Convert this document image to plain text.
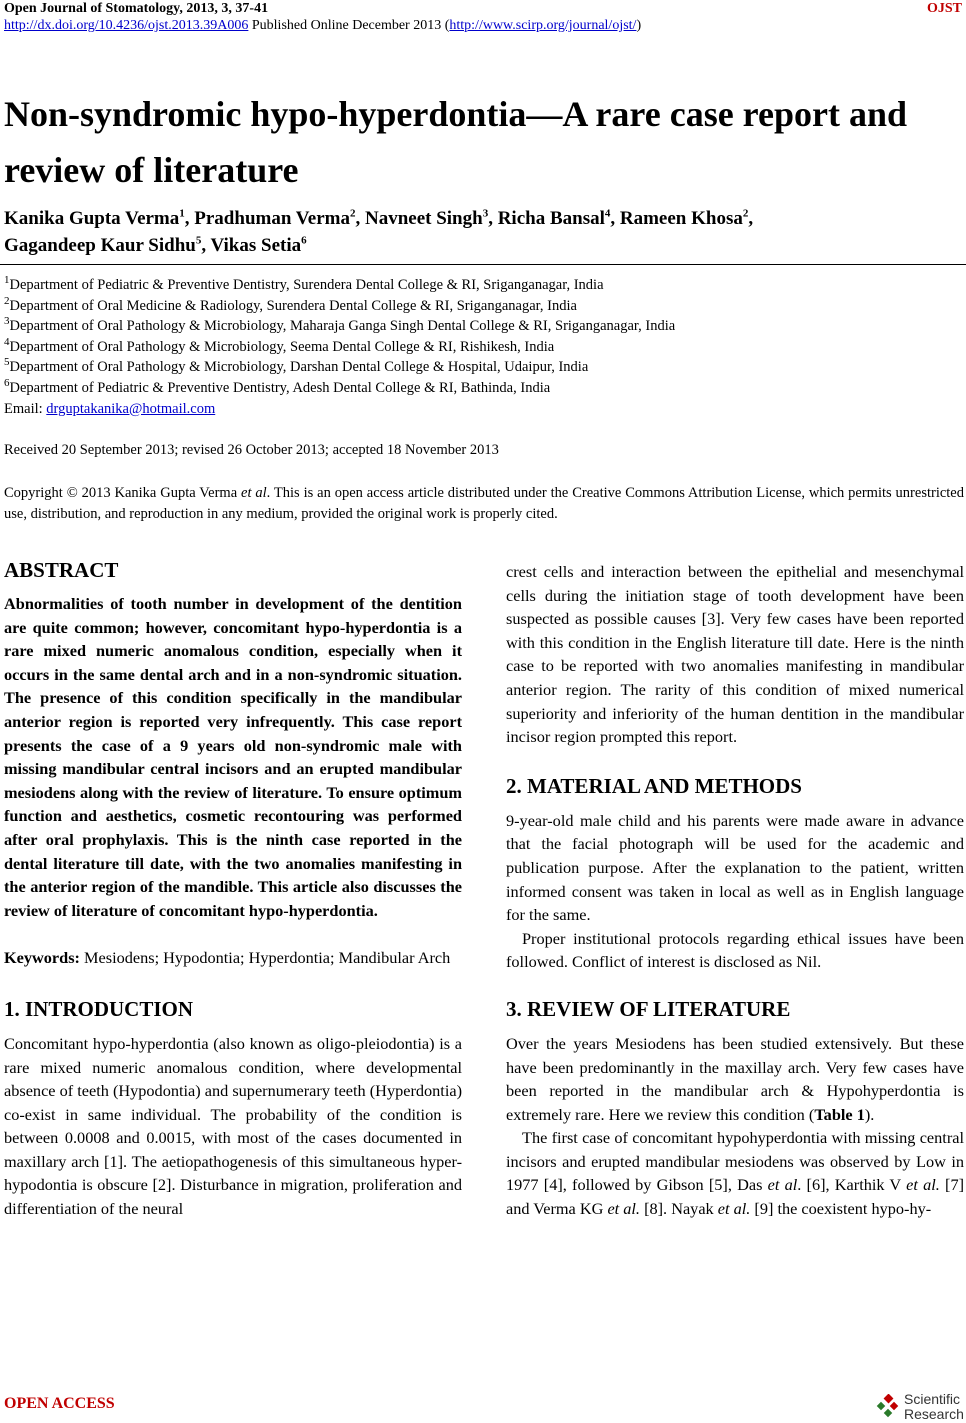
Open Journal of Stomatology, 2013, 3, 37-41
http://dx.doi.org/10.4236/ojst.2013.39A006 Published Online December 2013 (http://www.scirp.org/journal/ojst/)
OJST
Non-syndromic hypo-hyperdontia—A rare case report and review of literature
Kanika Gupta Verma$^1$, Pradhuman Verma$^2$, Navneet Singh$^3$, Richa Bansal$^4$, Rameen Khosa$^2$,
Gagandeep Kaur Sidhu$^5$, Vikas Setia$^6$
$^1$Department of Pediatric & Preventive Dentistry, Surendera Dental College & RI, Sriganganagar, India
$^2$Department of Oral Medicine & Radiology, Surendera Dental College & RI, Sriganganagar, India
$^3$Department of Oral Pathology & Microbiology, Maharaja Ganga Singh Dental College & RI, Sriganganagar, India
$^4$Department of Oral Pathology & Microbiology, Seema Dental College & RI, Rishikesh, India
$^5$Department of Oral Pathology & Microbiology, Darshan Dental College & Hospital, Udaipur, India
$^6$Department of Pediatric & Preventive Dentistry, Adesh Dental College & RI, Bathinda, India
Email: drguptakanika@hotmail.com
Received 20 September 2013; revised 26 October 2013; accepted 18 November 2013
Copyright © 2013 Kanika Gupta Verma et al. This is an open access article distributed under the Creative Commons Attribution License, which permits unrestricted use, distribution, and reproduction in any medium, provided the original work is properly cited.
ABSTRACT

Abnormalities of tooth number in development of the dentition are quite common; however, concomitant hypo-hyperdontia is a rare mixed numeric anomalous condition, especially when it occurs in the same dental arch and in a non-syndromic situation. The presence of this condition specifically in the mandibular anterior region is reported very infrequently. This case report presents the case of a 9 years old non-syndromic male with missing mandibular central incisors and an erupted mandibular mesiodens along with the review of literature. To ensure optimum function and aesthetics, cosmetic recontouring was performed after oral prophylaxis. This is the ninth case reported in the dental literature till date, with the two anomalies manifesting in the anterior region of the mandible. This article also discusses the review of literature of concomitant hypo-hyperdontia.

Keywords: Mesiodens; Hypodontia; Hyperdontia; Mandibular Arch

1. INTRODUCTION

Concomitant hypo-hyperdontia (also known as oligo-pleiodontia) is a rare mixed numeric anomalous condition, where developmental absence of teeth (Hypodontia) and supernumerary teeth (Hyperdontia) co-exist in same individual. The probability of the condition is between 0.0008 and 0.0015, with most of the cases documented in maxillary arch [1]. The aetiopathogenesis of this simultaneous hyper-hypodontia is obscure [2]. Disturbance in migration, proliferation and differentiation of the neural

crest cells and interaction between the epithelial and mesenchymal cells during the initiation stage of tooth development have been suspected as possible causes [3]. Very few cases have been reported with this condition in the English literature till date. Here is the ninth case to be reported with two anomalies manifesting in mandibular anterior region. The rarity of this condition of mixed numerical superiority and inferiority of the human dentition in the mandibular incisor region prompted this report.

2. MATERIAL AND METHODS

9-year-old male child and his parents were made aware in advance that the facial photograph will be used for the academic and publication purpose. After the explanation to the patient, written informed consent was taken in local as well as in English language for the same.

Proper institutional protocols regarding ethical issues have been followed. Conflict of interest is disclosed as Nil.

3. REVIEW OF LITERATURE

Over the years Mesiodens has been studied extensively. But these have been predominantly in the maxillay arch. Very few cases have been reported in the mandibular arch & Hypohyperdontia is extremely rare. Here we review this condition (Table 1).

The first case of concomitant hypohyperdontia with missing central incisors and erupted mandibular mesiodens was observed by Low in 1977 [4], followed by Gibson [5], Das et al. [6], Karthik V et al. [7] and Verma KG et al. [8]. Nayak et al. [9] the coexistent hypo-hy-

OPEN ACCESS	Scientific
Research
